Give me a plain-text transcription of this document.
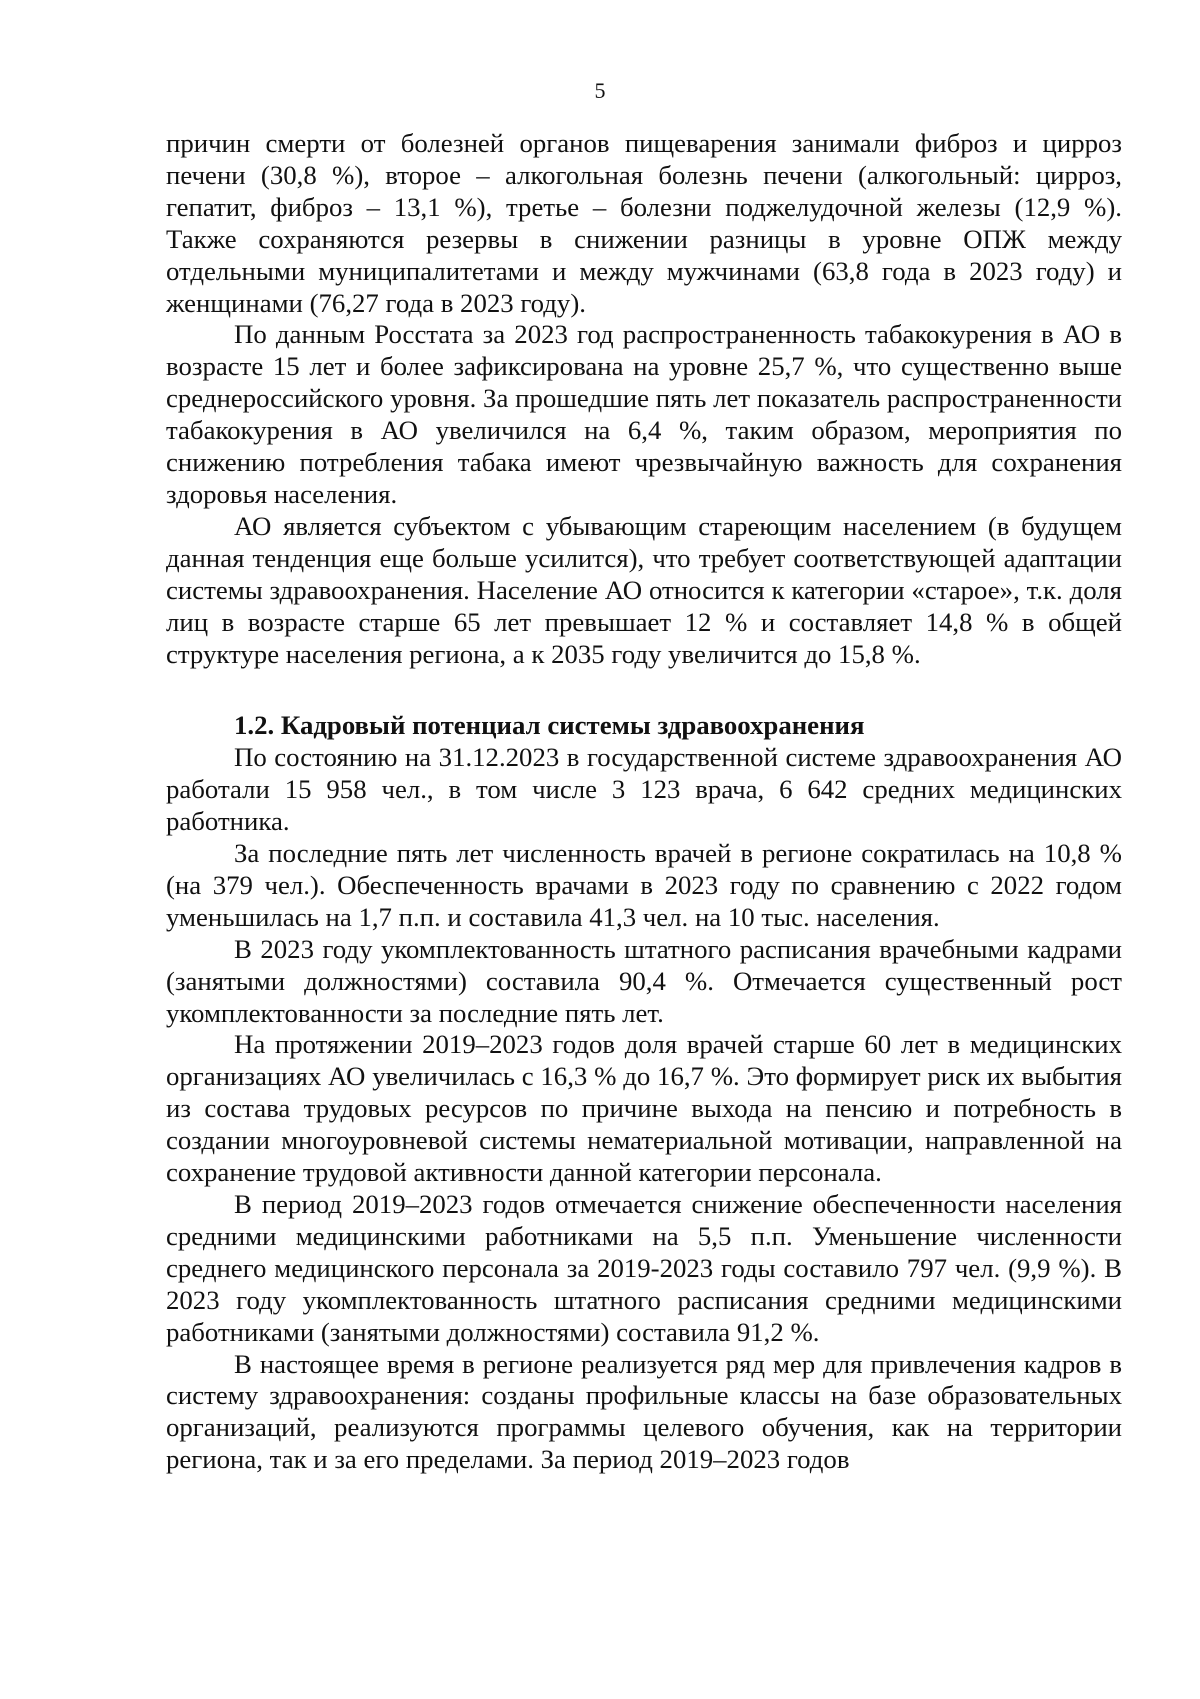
5

причин смерти от болезней органов пищеварения занимали фиброз и цирроз печени (30,8 %), второе – алкогольная болезнь печени (алкогольный: цирроз, гепатит, фиброз – 13,1 %), третье – болезни поджелудочной железы (12,9 %). Также сохраняются резервы в снижении разницы в уровне ОПЖ между отдельными муниципалитетами и между мужчинами (63,8 года в 2023 году) и женщинами (76,27 года в 2023 году).

По данным Росстата за 2023 год распространенность табакокурения в АО в возрасте 15 лет и более зафиксирована на уровне 25,7 %, что существенно выше среднероссийского уровня. За прошедшие пять лет показатель распространенности табакокурения в АО увеличился на 6,4 %, таким образом, мероприятия по снижению потребления табака имеют чрезвычайную важность для сохранения здоровья населения.

АО является субъектом с убывающим стареющим населением (в будущем данная тенденция еще больше усилится), что требует соответствующей адаптации системы здравоохранения. Население АО относится к категории «старое», т.к. доля лиц в возрасте старше 65 лет превышает 12 % и составляет 14,8 % в общей структуре населения региона, а к 2035 году увеличится до 15,8 %.

1.2. Кадровый потенциал системы здравоохранения

По состоянию на 31.12.2023 в государственной системе здравоохранения АО работали 15 958 чел., в том числе 3 123 врача, 6 642 средних медицинских работника.

За последние пять лет численность врачей в регионе сократилась на 10,8 % (на 379 чел.). Обеспеченность врачами в 2023 году по сравнению с 2022 годом уменьшилась на 1,7 п.п. и составила 41,3 чел. на 10 тыс. населения.

В 2023 году укомплектованность штатного расписания врачебными кадрами (занятыми должностями) составила 90,4 %. Отмечается существенный рост укомплектованности за последние пять лет.

На протяжении 2019–2023 годов доля врачей старше 60 лет в медицинских организациях АО увеличилась с 16,3 % до 16,7 %. Это формирует риск их выбытия из состава трудовых ресурсов по причине выхода на пенсию и потребность в создании многоуровневой системы нематериальной мотивации, направленной на сохранение трудовой активности данной категории персонала.

В период 2019–2023 годов отмечается снижение обеспеченности населения средними медицинскими работниками на 5,5 п.п. Уменьшение численности среднего медицинского персонала за 2019-2023 годы составило 797 чел. (9,9 %). В 2023 году укомплектованность штатного расписания средними медицинскими работниками (занятыми должностями) составила 91,2 %.

В настоящее время в регионе реализуется ряд мер для привлечения кадров в систему здравоохранения: созданы профильные классы на базе образовательных организаций, реализуются программы целевого обучения, как на территории региона, так и за его пределами. За период 2019–2023 годов
